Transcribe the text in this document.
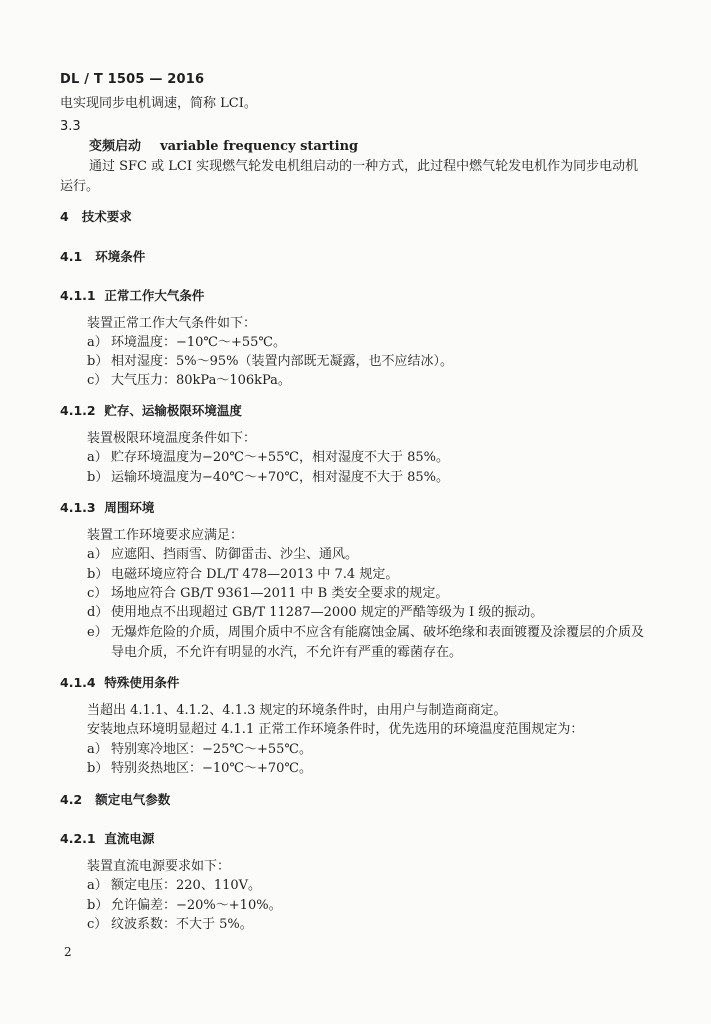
DL / T 1505 — 2016
电实现同步电机调速，简称 LCI。
3.3
变频启动 variable frequency starting
通过 SFC 或 LCI 实现燃气轮发电机组启动的一种方式，此过程中燃气轮发电机作为同步电动机
运行。
4 技术要求
4.1 环境条件
4.1.1 正常工作大气条件
装置正常工作大气条件如下：
a） 环境温度：−10℃～+55℃。
b） 相对湿度：5%～95%（装置内部既无凝露，也不应结冰）。
c） 大气压力：80kPa～106kPa。
4.1.2 贮存、运输极限环境温度
装置极限环境温度条件如下：
a） 贮存环境温度为−20℃～+55℃，相对湿度不大于 85%。
b） 运输环境温度为−40℃～+70℃，相对湿度不大于 85%。
4.1.3 周围环境
装置工作环境要求应满足：
a） 应遮阳、挡雨雪、防御雷击、沙尘、通风。
b） 电磁环境应符合 DL/T 478—2013 中 7.4 规定。
c） 场地应符合 GB/T 9361—2011 中 B 类安全要求的规定。
d） 使用地点不出现超过 GB/T 11287—2000 规定的严酷等级为 I 级的振动。
e） 无爆炸危险的介质，周围介质中不应含有能腐蚀金属、破坏绝缘和表面镀覆及涂覆层的介质及
导电介质，不允许有明显的水汽，不允许有严重的霉菌存在。
4.1.4 特殊使用条件
当超出 4.1.1、4.1.2、4.1.3 规定的环境条件时，由用户与制造商商定。
安装地点环境明显超过 4.1.1 正常工作环境条件时，优先选用的环境温度范围规定为：
a） 特别寒冷地区：−25℃～+55℃。
b） 特别炎热地区：−10℃～+70℃。
4.2 额定电气参数
4.2.1 直流电源
装置直流电源要求如下：
a） 额定电压：220、110V。
b） 允许偏差：−20%～+10%。
c） 纹波系数：不大于 5%。
2
